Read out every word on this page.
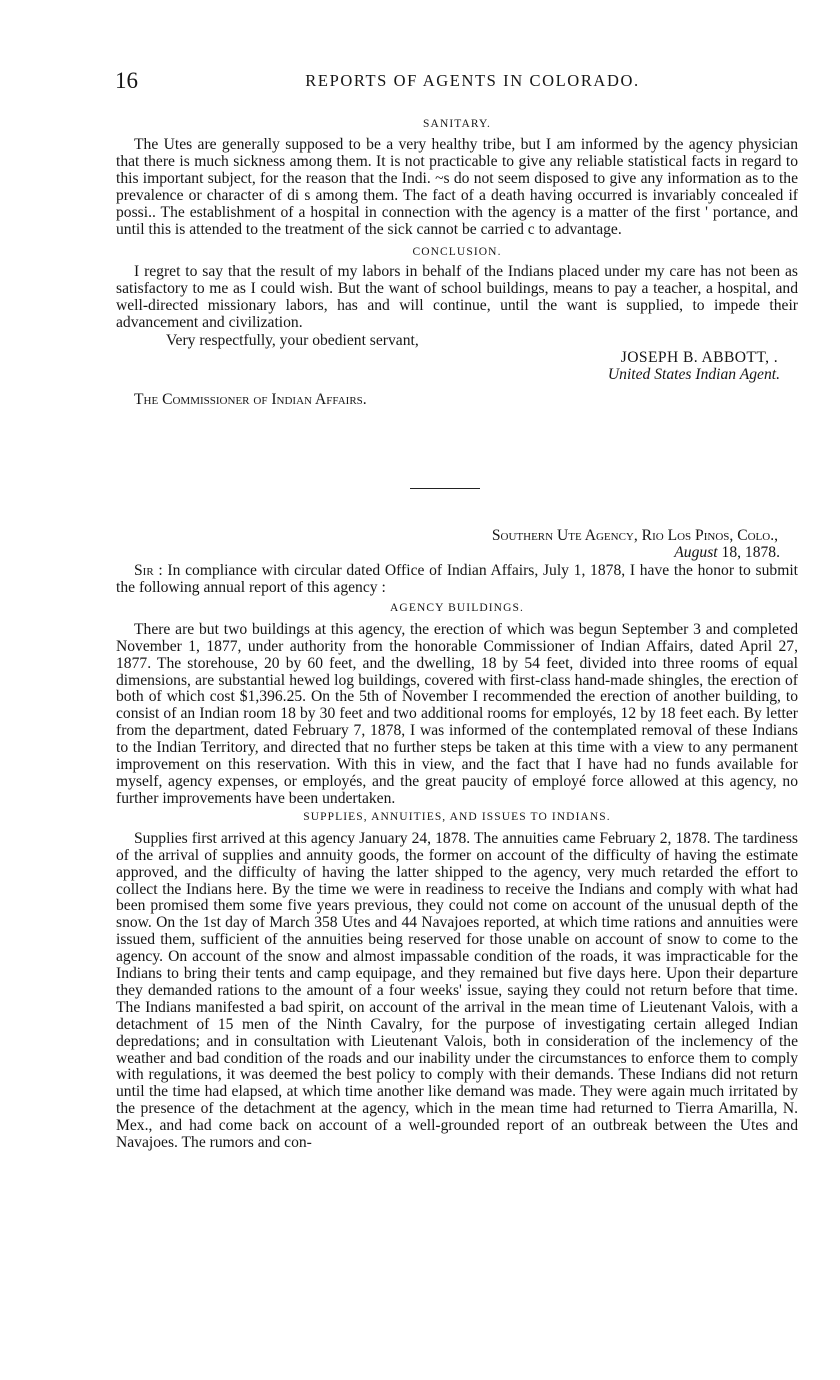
16	REPORTS OF AGENTS IN COLORADO.
SANITARY.

The Utes are generally supposed to be a very healthy tribe, but I am informed by the agency physician that there is much sickness among them. It is not practicable to give any reliable statistical facts in regard to this important subject, for the reason that the Indi. ~s do not seem disposed to give any information as to the prevalence or character of di s among them. The fact of a death having occurred is invariably concealed if possi.. The establishment of a hospital in connection with the agency is a matter of the first ' portance, and until this is attended to the treatment of the sick cannot be carried c to advantage.

CONCLUSION.

I regret to say that the result of my labors in behalf of the Indians placed under my care has not been as satisfactory to me as I could wish. But the want of school buildings, means to pay a teacher, a hospital, and well-directed missionary labors, has and will continue, until the want is supplied, to impede their advancement and civilization.

Very respectfully, your obedient servant,
JOSEPH B. ABBOTT, .
United States Indian Agent.
The Commissioner of Indian Affairs.
Southern Ute Agency, Rio Los Pinos, Colo.,
August 18, 1878.

Sir : In compliance with circular dated Office of Indian Affairs, July 1, 1878, I have the honor to submit the following annual report of this agency :

AGENCY BUILDINGS.

There are but two buildings at this agency, the erection of which was begun September 3 and completed November 1, 1877, under authority from the honorable Commissioner of Indian Affairs, dated April 27, 1877. The storehouse, 20 by 60 feet, and the dwelling, 18 by 54 feet, divided into three rooms of equal dimensions, are substantial hewed log buildings, covered with first-class hand-made shingles, the erection of both of which cost $1,396.25. On the 5th of November I recommended the erection of another building, to consist of an Indian room 18 by 30 feet and two additional rooms for employés, 12 by 18 feet each. By letter from the department, dated February 7, 1878, I was informed of the contemplated removal of these Indians to the Indian Territory, and directed that no further steps be taken at this time with a view to any permanent improvement on this reservation. With this in view, and the fact that I have had no funds available for myself, agency expenses, or employés, and the great paucity of employé force allowed at this agency, no further improvements have been undertaken.

SUPPLIES, ANNUITIES, AND ISSUES TO INDIANS.

Supplies first arrived at this agency January 24, 1878. The annuities came February 2, 1878. The tardiness of the arrival of supplies and annuity goods, the former on account of the difficulty of having the estimate approved, and the difficulty of having the latter shipped to the agency, very much retarded the effort to collect the Indians here. By the time we were in readiness to receive the Indians and comply with what had been promised them some five years previous, they could not come on account of the unusual depth of the snow. On the 1st day of March 358 Utes and 44 Navajoes reported, at which time rations and annuities were issued them, sufficient of the annuities being reserved for those unable on account of snow to come to the agency. On account of the snow and almost impassable condition of the roads, it was impracticable for the Indians to bring their tents and camp equipage, and they remained but five days here. Upon their departure they demanded rations to the amount of a four weeks' issue, saying they could not return before that time. The Indians manifested a bad spirit, on account of the arrival in the mean time of Lieutenant Valois, with a detachment of 15 men of the Ninth Cavalry, for the purpose of investigating certain alleged Indian depredations; and in consultation with Lieutenant Valois, both in consideration of the inclemency of the weather and bad condition of the roads and our inability under the circumstances to enforce them to comply with regulations, it was deemed the best policy to comply with their demands. These Indians did not return until the time had elapsed, at which time another like demand was made. They were again much irritated by the presence of the detachment at the agency, which in the mean time had returned to Tierra Amarilla, N. Mex., and had come back on account of a well-grounded report of an outbreak between the Utes and Navajoes. The rumors and con-
